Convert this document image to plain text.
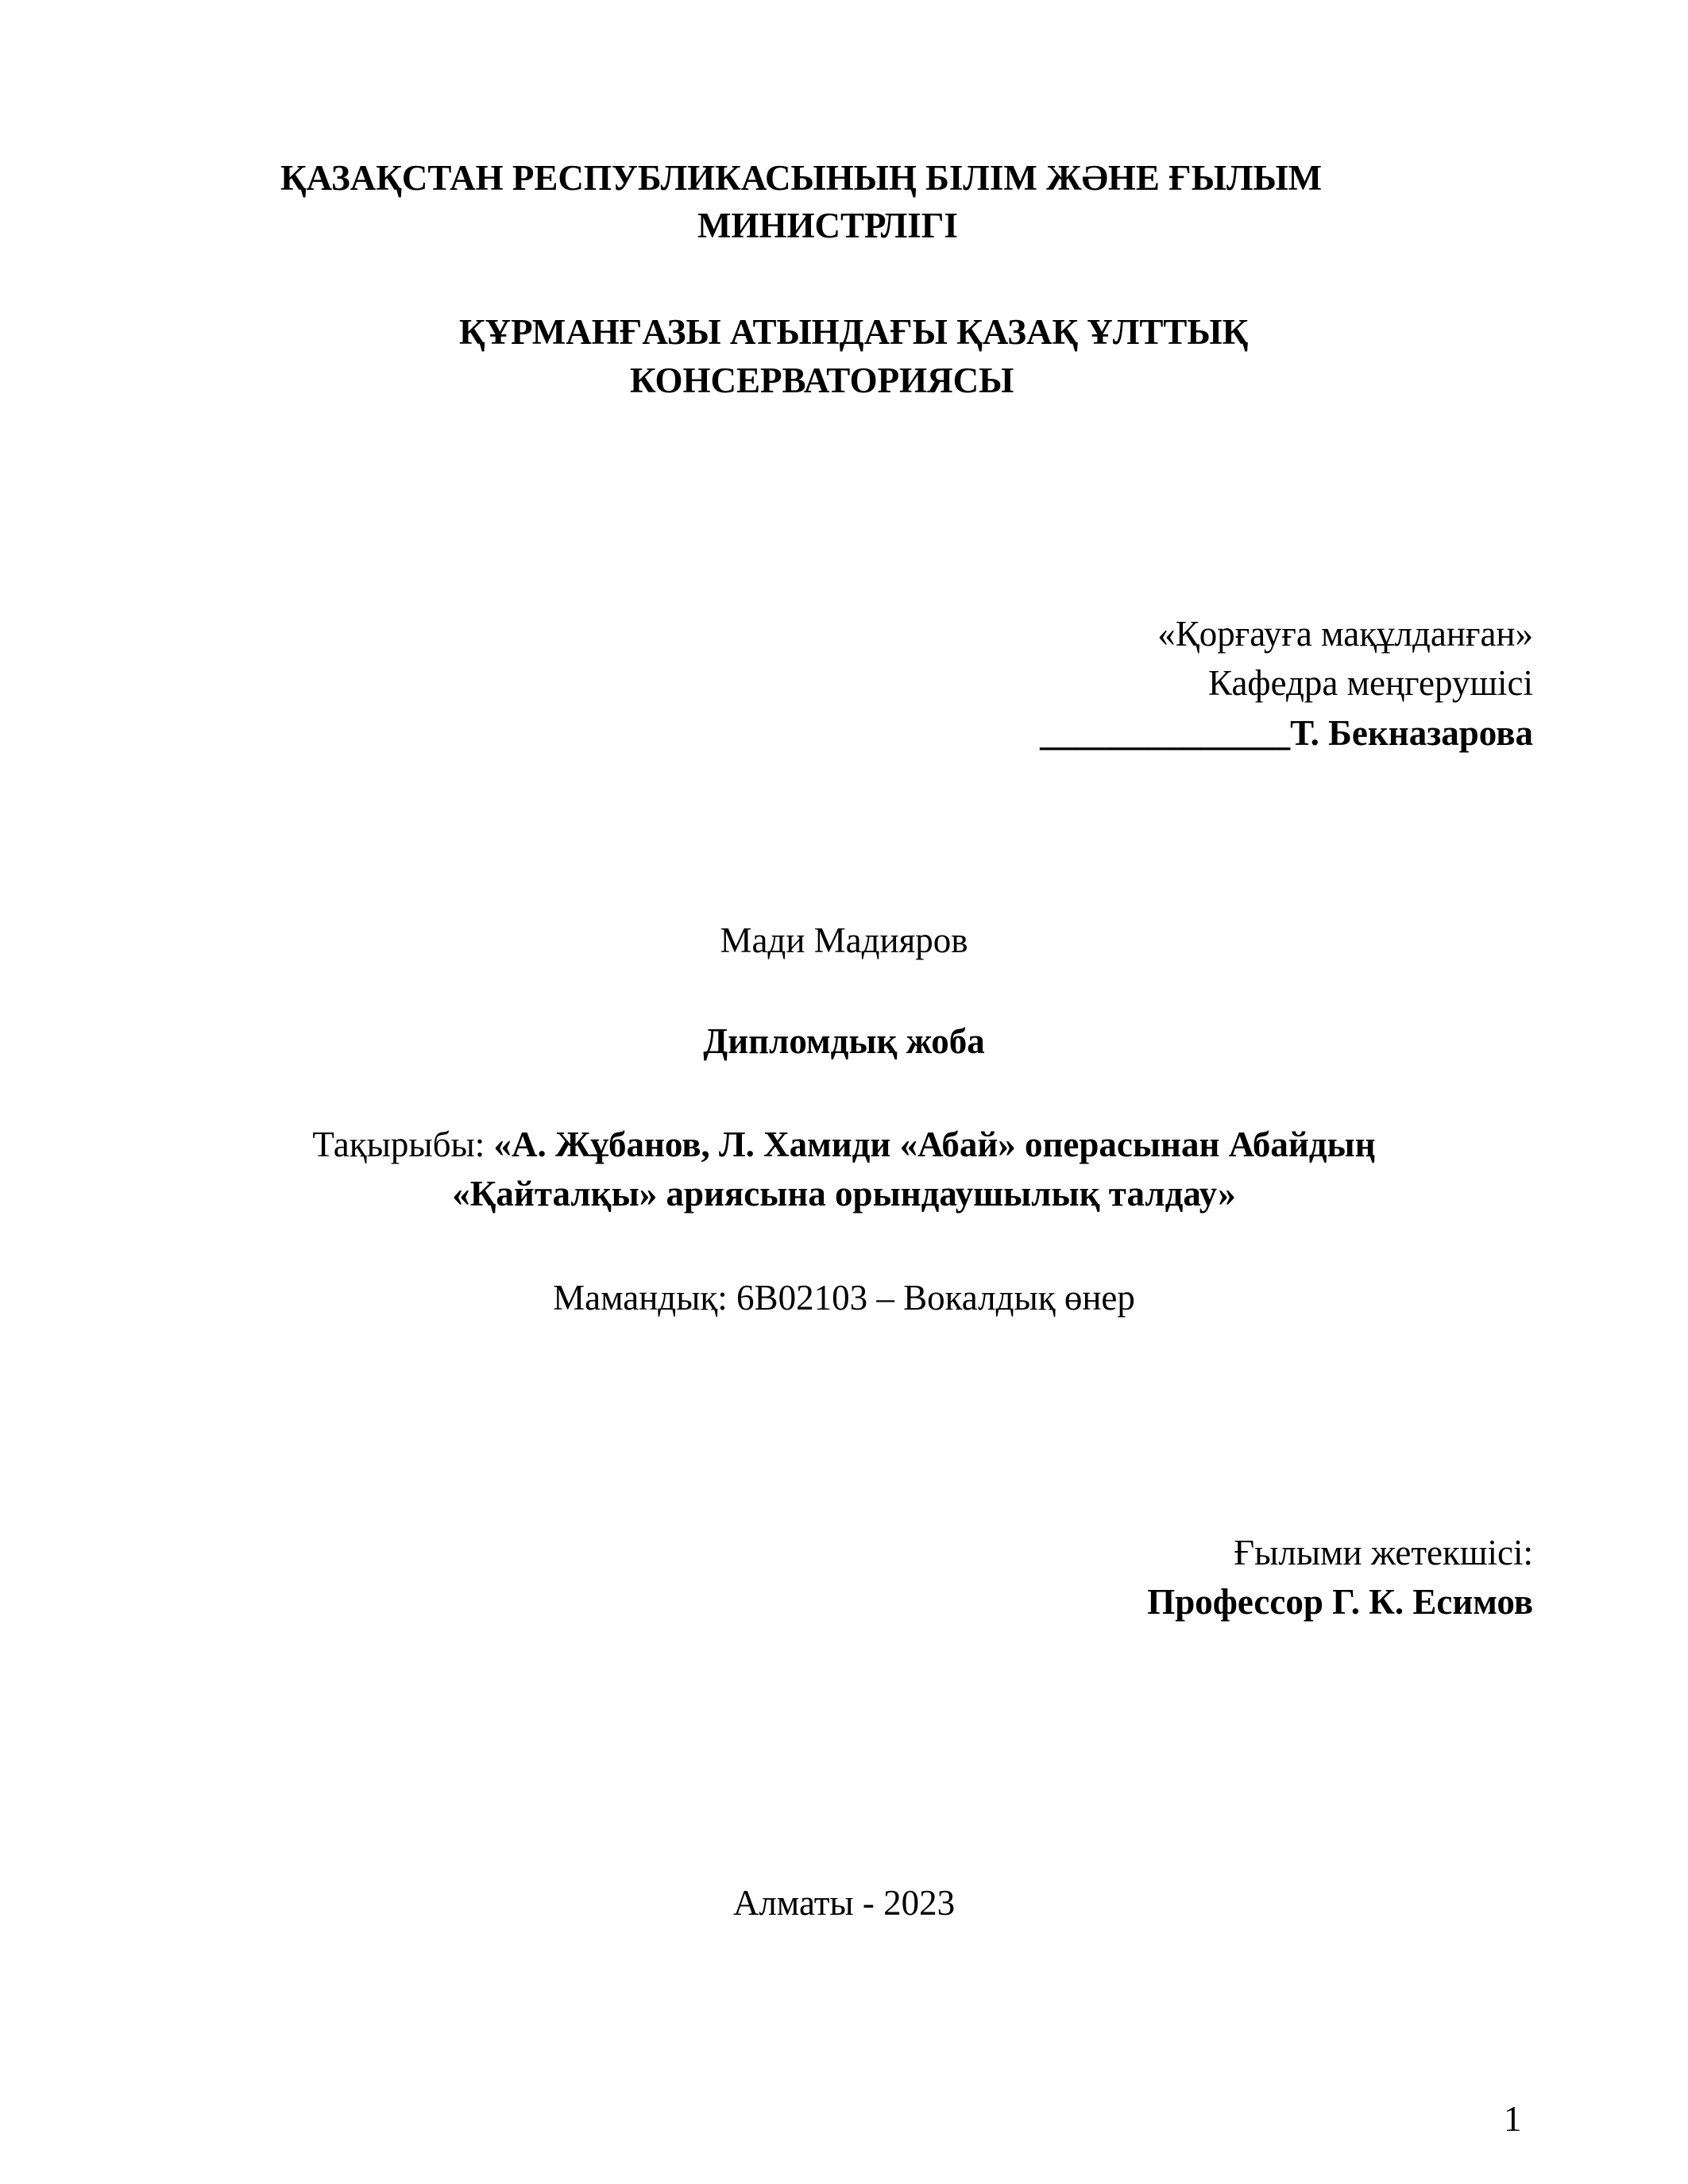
ҚАЗАҚСТАН РЕСПУБЛИКАСЫНЫҢ БІЛІМ ЖӘНЕ ҒЫЛЫМ
МИНИСТРЛІГІ
ҚҰРМАНҒАЗЫ АТЫНДАҒЫ ҚАЗАҚ ҰЛТТЫҚ
КОНСЕРВАТОРИЯСЫ
«Қорғауға мақұлданған»
Кафедра меңгерушісі
______________Т. Бекназарова
Мади Мадияров
Дипломдық жоба
Тақырыбы: «А. Жұбанов, Л. Хамиди «Абай» операсынан Абайдың
«Қайталқы» ариясына орындаушылық талдау»
Мамандық: 6В02103 – Вокалдық өнер
Ғылыми жетекшісі:
Профессор Г. К. Есимов
Алматы - 2023
1
